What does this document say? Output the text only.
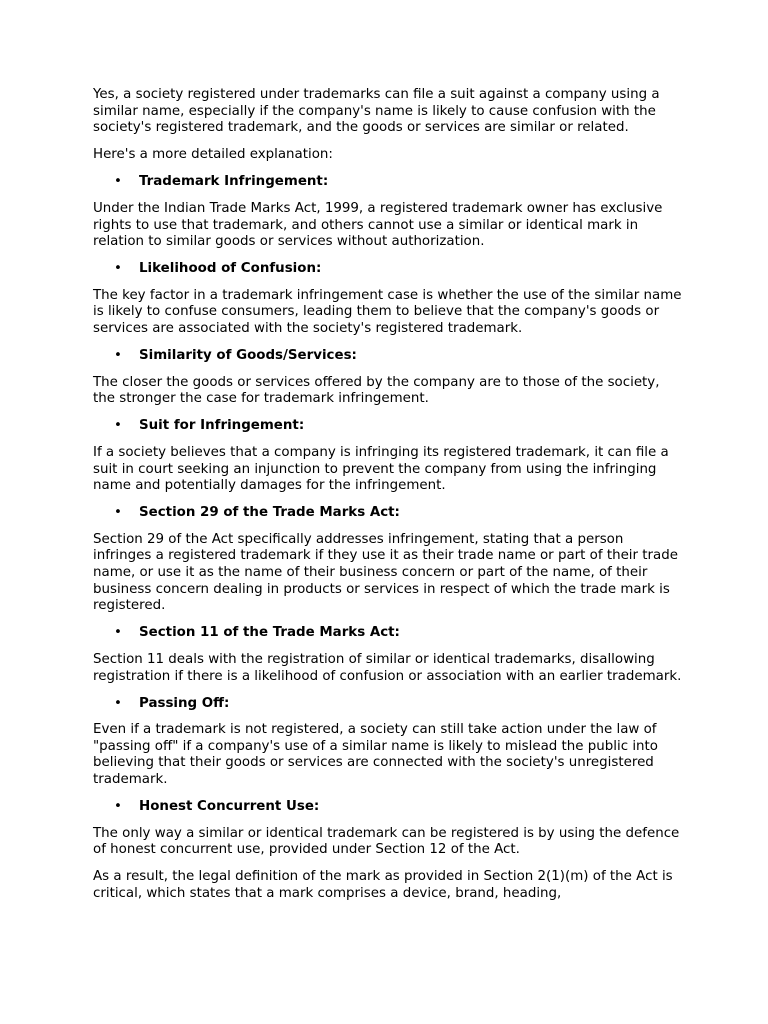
Yes, a society registered under trademarks can file a suit against a company using a similar name, especially if the company's name is likely to cause confusion with the society's registered trademark, and the goods or services are similar or related.

Here's a more detailed explanation:

• Trademark Infringement:

Under the Indian Trade Marks Act, 1999, a registered trademark owner has exclusive rights to use that trademark, and others cannot use a similar or identical mark in relation to similar goods or services without authorization.

• Likelihood of Confusion:

The key factor in a trademark infringement case is whether the use of the similar name is likely to confuse consumers, leading them to believe that the company's goods or services are associated with the society's registered trademark.

• Similarity of Goods/Services:

The closer the goods or services offered by the company are to those of the society, the stronger the case for trademark infringement.

• Suit for Infringement:

If a society believes that a company is infringing its registered trademark, it can file a suit in court seeking an injunction to prevent the company from using the infringing name and potentially damages for the infringement.

• Section 29 of the Trade Marks Act:

Section 29 of the Act specifically addresses infringement, stating that a person infringes a registered trademark if they use it as their trade name or part of their trade name, or use it as the name of their business concern or part of the name, of their business concern dealing in products or services in respect of which the trade mark is registered.

• Section 11 of the Trade Marks Act:

Section 11 deals with the registration of similar or identical trademarks, disallowing registration if there is a likelihood of confusion or association with an earlier trademark.

• Passing Off:

Even if a trademark is not registered, a society can still take action under the law of "passing off" if a company's use of a similar name is likely to mislead the public into believing that their goods or services are connected with the society's unregistered trademark.

• Honest Concurrent Use:

The only way a similar or identical trademark can be registered is by using the defence of honest concurrent use, provided under Section 12 of the Act.

As a result, the legal definition of the mark as provided in Section 2(1)(m) of the Act is critical, which states that a mark comprises a device, brand, heading,
